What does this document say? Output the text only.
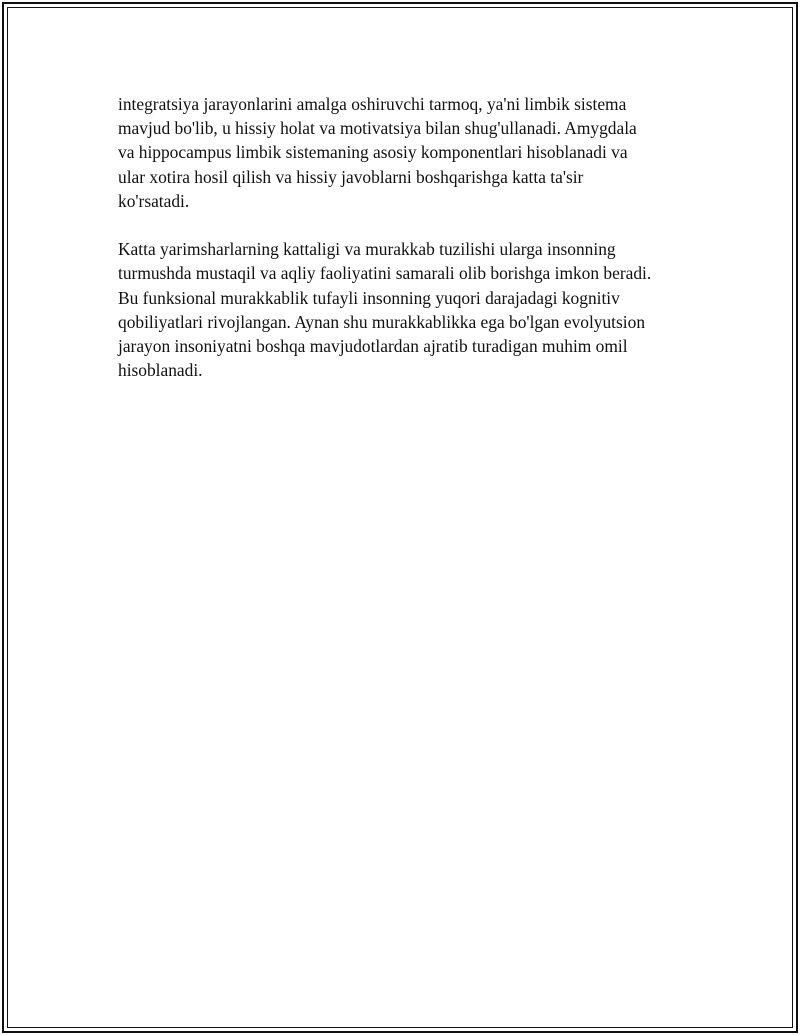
integratsiya jarayonlarini amalga oshiruvchi tarmoq, ya'ni limbik sistema
mavjud bo'lib, u hissiy holat va motivatsiya bilan shug'ullanadi. Amygdala
va hippocampus limbik sistemaning asosiy komponentlari hisoblanadi va
ular xotira hosil qilish va hissiy javoblarni boshqarishga katta ta'sir
ko'rsatadi.

Katta yarimsharlarning kattaligi va murakkab tuzilishi ularga insonning
turmushda mustaqil va aqliy faoliyatini samarali olib borishga imkon beradi.
Bu funksional murakkablik tufayli insonning yuqori darajadagi kognitiv
qobiliyatlari rivojlangan. Aynan shu murakkablikka ega bo'lgan evolyutsion
jarayon insoniyatni boshqa mavjudotlardan ajratib turadigan muhim omil
hisoblanadi.
